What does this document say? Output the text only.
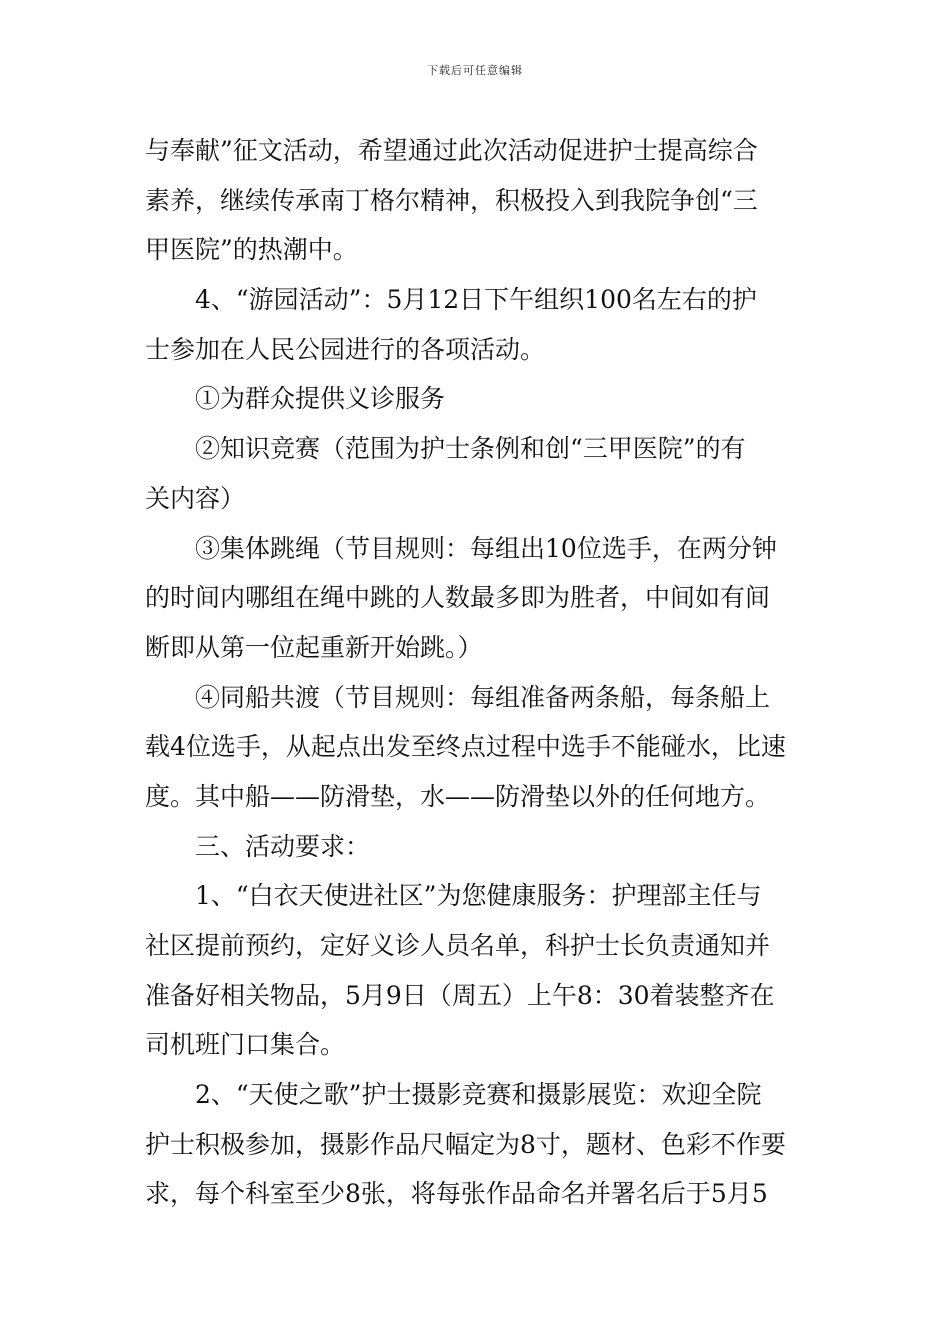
下载后可任意编辑
与奉献”征文活动，希望通过此次活动促进护士提高综合
素养，继续传承南丁格尔精神，积极投入到我院争创“三
甲医院”的热潮中。
4、“游园活动”：5月12日下午组织100名左右的护
士参加在人民公园进行的各项活动。
①为群众提供义诊服务
②知识竞赛（范围为护士条例和创“三甲医院”的有
关内容）
③集体跳绳（节目规则：每组出10位选手，在两分钟
的时间内哪组在绳中跳的人数最多即为胜者，中间如有间
断即从第一位起重新开始跳。）
④同船共渡（节目规则：每组准备两条船，每条船上
载4位选手，从起点出发至终点过程中选手不能碰水，比速
度。其中船——防滑垫，水——防滑垫以外的任何地方。
三、活动要求：
1、“白衣天使进社区”为您健康服务：护理部主任与
社区提前预约，定好义诊人员名单，科护士长负责通知并
准备好相关物品，5月9日（周五）上午8：30着装整齐在
司机班门口集合。
2、“天使之歌”护士摄影竞赛和摄影展览：欢迎全院
护士积极参加，摄影作品尺幅定为8寸，题材、色彩不作要
求，每个科室至少8张，将每张作品命名并署名后于5月5
